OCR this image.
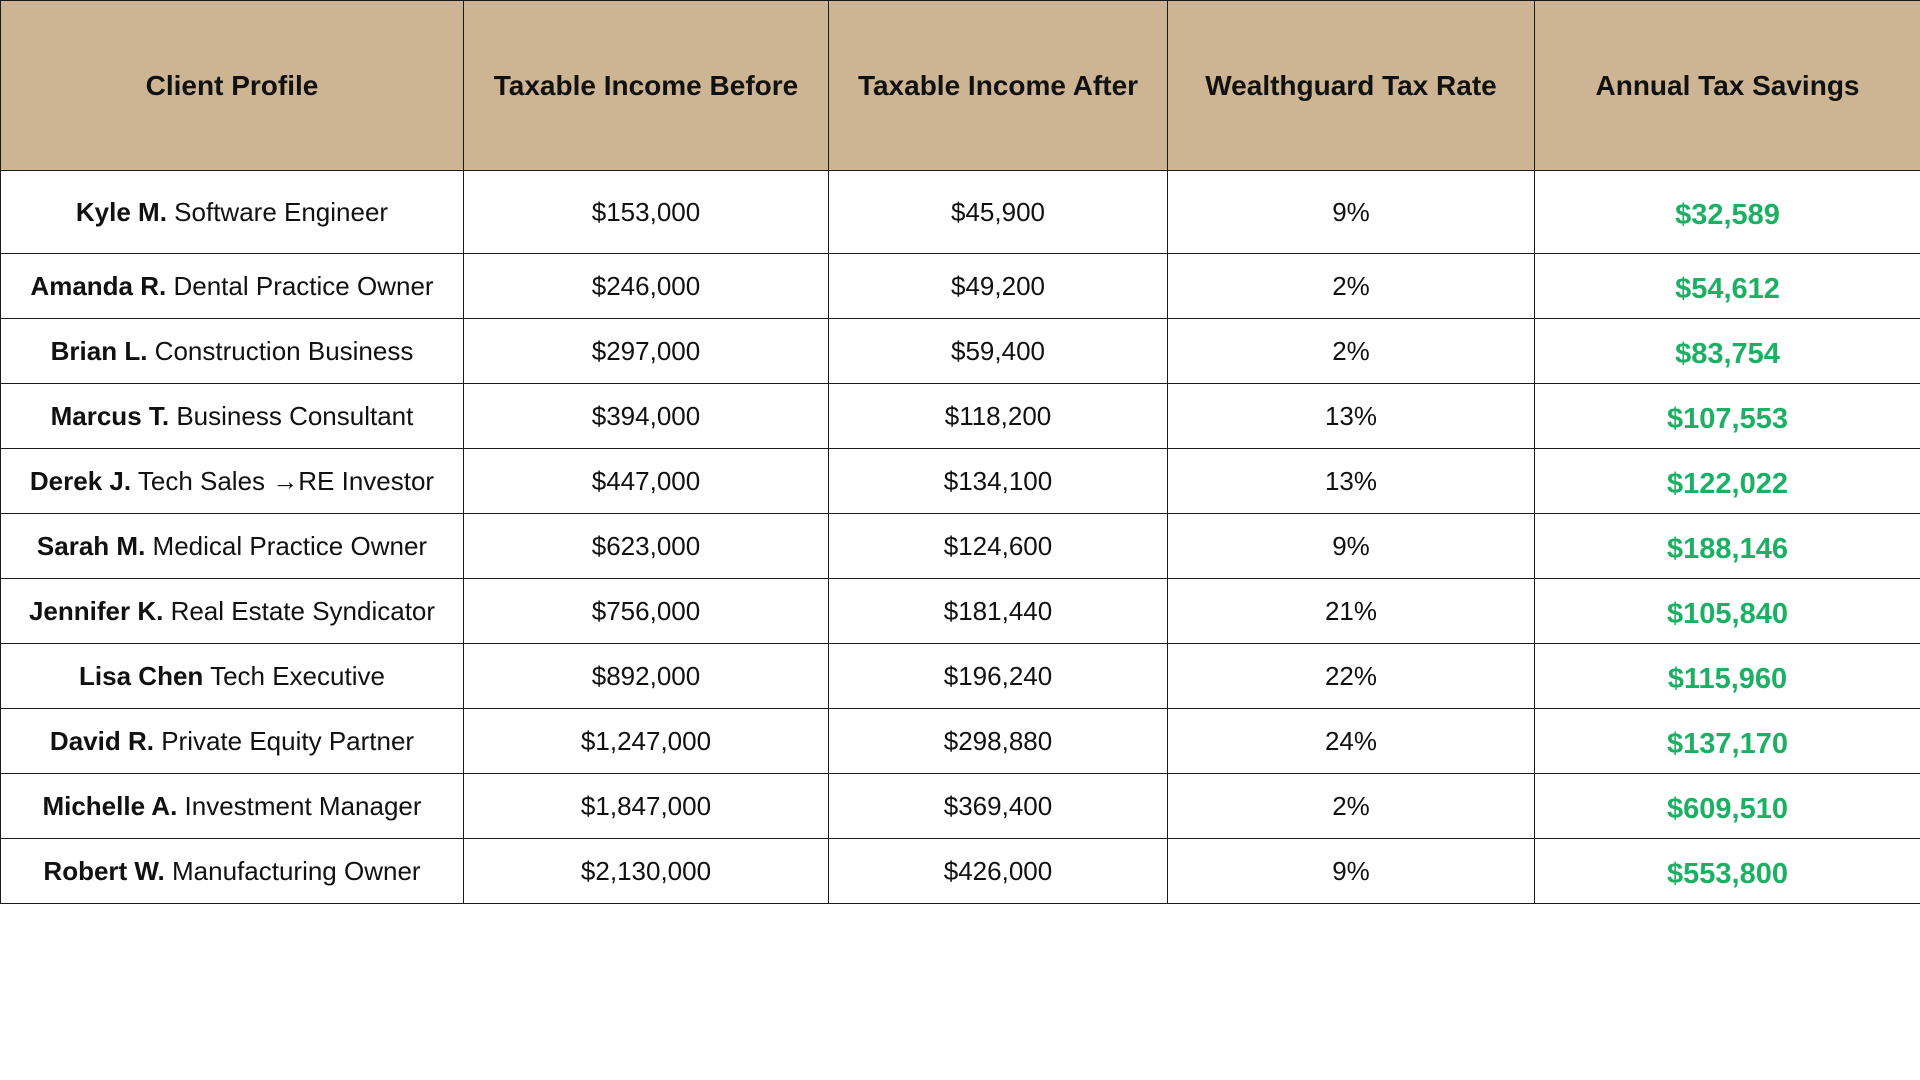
Client Profile	Taxable Income Before	Taxable Income After	Wealthguard Tax Rate	Annual Tax Savings
Kyle M. Software Engineer	$153,000	$45,900	9%	$32,589
Amanda R. Dental Practice Owner	$246,000	$49,200	2%	$54,612
Brian L. Construction Business	$297,000	$59,400	2%	$83,754
Marcus T. Business Consultant	$394,000	$118,200	13%	$107,553
Derek J. Tech Sales →RE Investor	$447,000	$134,100	13%	$122,022
Sarah M. Medical Practice Owner	$623,000	$124,600	9%	$188,146
Jennifer K. Real Estate Syndicator	$756,000	$181,440	21%	$105,840
Lisa Chen Tech Executive	$892,000	$196,240	22%	$115,960
David R. Private Equity Partner	$1,247,000	$298,880	24%	$137,170
Michelle A. Investment Manager	$1,847,000	$369,400	2%	$609,510
Robert W. Manufacturing Owner	$2,130,000	$426,000	9%	$553,800
